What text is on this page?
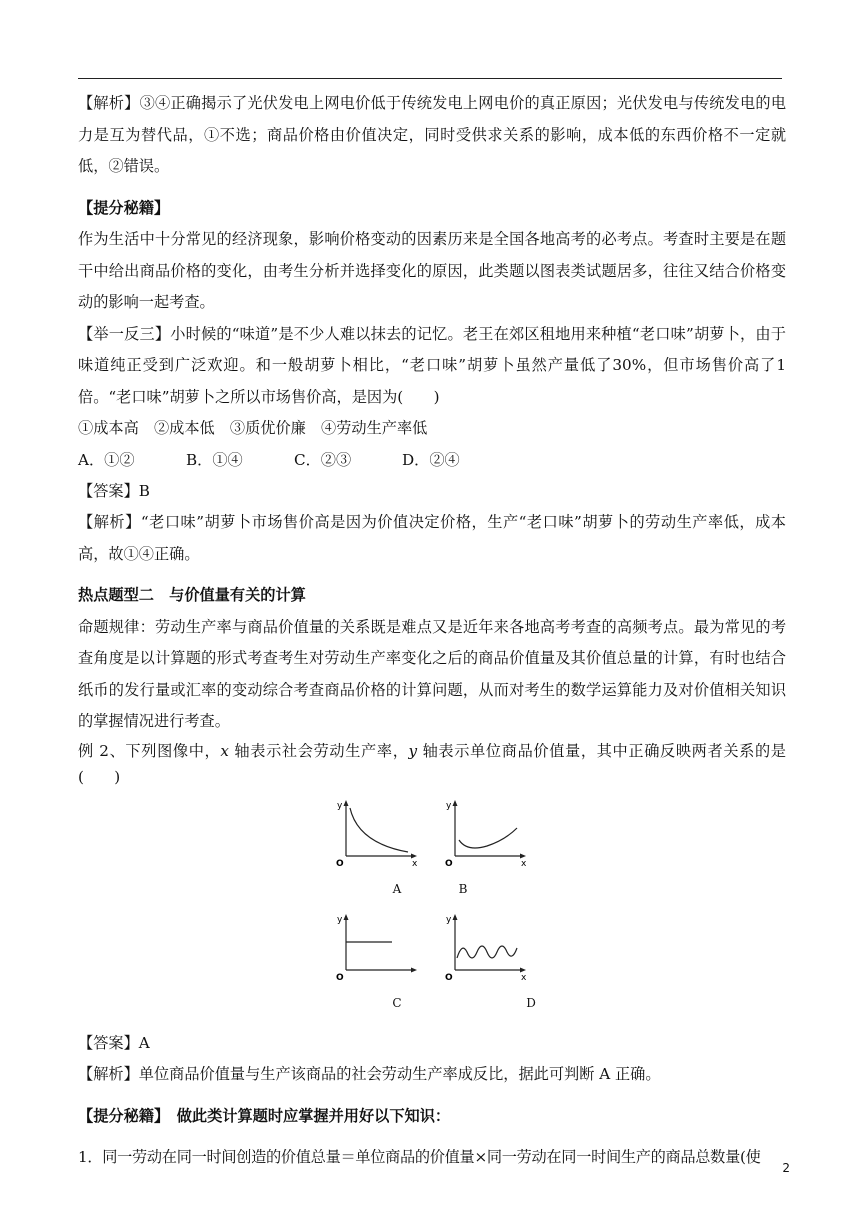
【解析】③④正确揭示了光伏发电上网电价低于传统发电上网电价的真正原因；光伏发电与传统发电的电力是互为替代品，①不选；商品价格由价值决定，同时受供求关系的影响，成本低的东西价格不一定就低，②错误。

【提分秘籍】

作为生活中十分常见的经济现象，影响价格变动的因素历来是全国各地高考的必考点。考查时主要是在题干中给出商品价格的变化，由考生分析并选择变化的原因，此类题以图表类试题居多，往往又结合价格变动的影响一起考查。

【举一反三】小时候的“味道”是不少人难以抹去的记忆。老王在郊区租地用来种植“老口味”胡萝卜，由于味道纯正受到广泛欢迎。和一般胡萝卜相比，“老口味”胡萝卜虽然产量低了30%，但市场售价高了1倍。“老口味”胡萝卜之所以市场售价高，是因为(　　)

①成本高　②成本低　③质优价廉　④劳动生产率低

A．①②	B．①④	C．②③	D．②④

【答案】B

【解析】“老口味”胡萝卜市场售价高是因为价值决定价格，生产“老口味”胡萝卜的劳动生产率低，成本高，故①④正确。

热点题型二　与价值量有关的计算

命题规律：劳动生产率与商品价值量的关系既是难点又是近年来各地高考考查的高频考点。最为常见的考查角度是以计算题的形式考查考生对劳动生产率变化之后的商品价值量及其价值总量的计算，有时也结合纸币的发行量或汇率的变动综合考查商品价格的计算问题，从而对考生的数学运算能力及对价值相关知识的掌握情况进行考查。

例 2、下列图像中，x 轴表示社会劳动生产率，y 轴表示单位商品价值量，其中正确反映两者关系的是(　　)

y
O	x
A
y
O	x
B
y
O
C
y
O	x
D

【答案】A

【解析】单位商品价值量与生产该商品的社会劳动生产率成反比，据此可判断 A 正确。

【提分秘籍】　做此类计算题时应掌握并用好以下知识：

1．同一劳动在同一时间创造的价值总量＝单位商品的价值量×同一劳动在同一时间生产的商品总数量(使

2
